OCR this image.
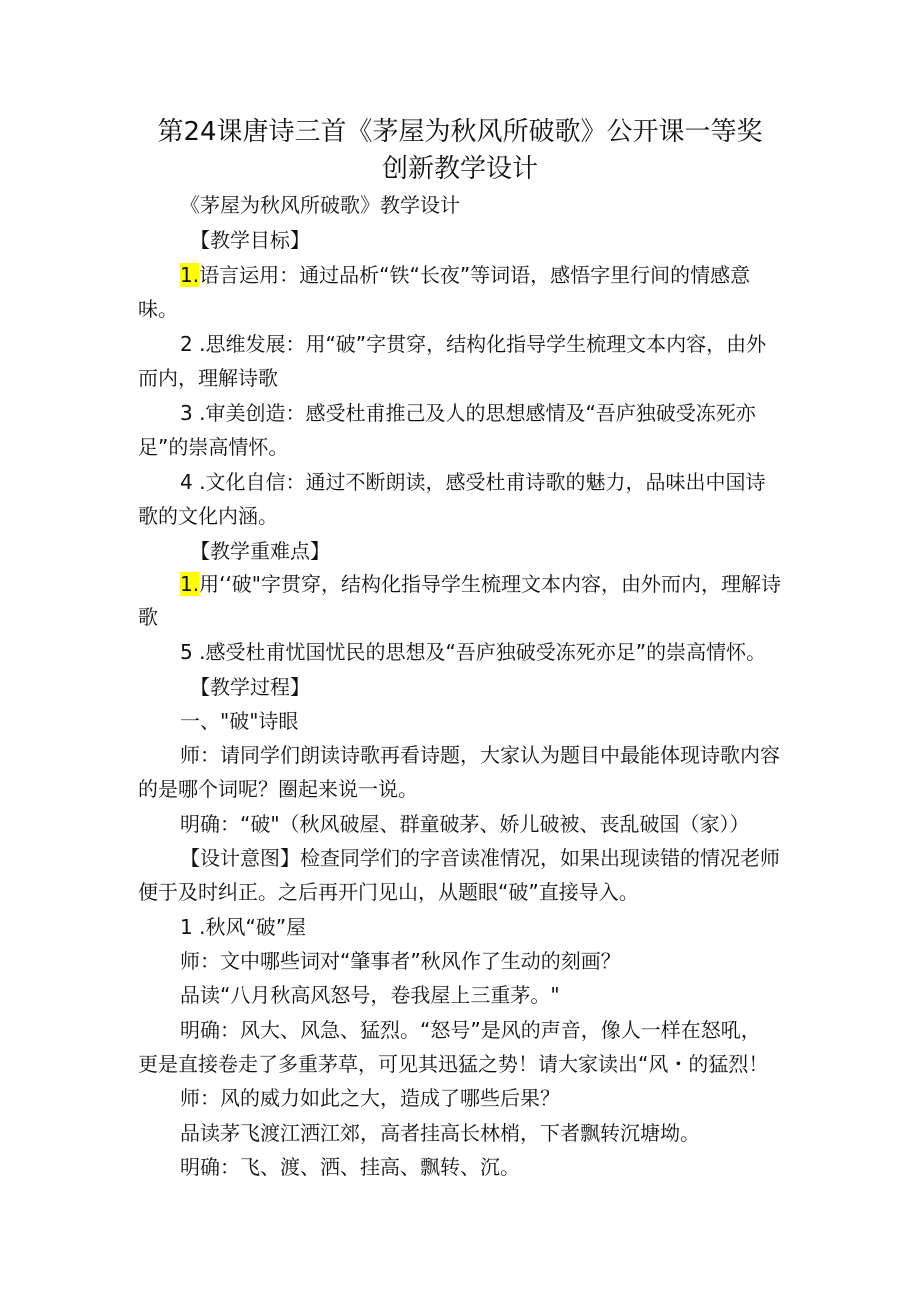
第24课唐诗三首《茅屋为秋风所破歌》公开课一等奖
创新教学设计
《茅屋为秋风所破歌》教学设计
【教学目标】
1.语言运用：通过品析“铁“长夜”等词语，感悟字里行间的情感意
味。
2 .思维发展：用“破”字贯穿，结构化指导学生梳理文本内容，由外
而内，理解诗歌
3 .审美创造：感受杜甫推己及人的思想感情及“吾庐独破受冻死亦
足”的崇高情怀。
4 .文化自信：通过不断朗读，感受杜甫诗歌的魅力，品味出中国诗
歌的文化内涵。
【教学重难点】
1.用‘‘破"字贯穿，结构化指导学生梳理文本内容，由外而内，理解诗
歌
5 .感受杜甫忧国忧民的思想及“吾庐独破受冻死亦足”的崇高情怀。
【教学过程】
一、"破"诗眼
师：请同学们朗读诗歌再看诗题，大家认为题目中最能体现诗歌内容
的是哪个词呢？圈起来说一说。
明确：“破"（秋风破屋、群童破茅、娇儿破被、丧乱破国（家））
【设计意图】检查同学们的字音读准情况，如果出现读错的情况老师
便于及时纠正。之后再开门见山，从题眼“破”直接导入。
1 .秋风“破”屋
师：文中哪些词对“肇事者”秋风作了生动的刻画？
品读“八月秋高风怒号，卷我屋上三重茅。"
明确：风大、风急、猛烈。“怒号”是风的声音，像人一样在怒吼，
更是直接卷走了多重茅草，可见其迅猛之势！请大家读出“风・的猛烈！
师：风的威力如此之大，造成了哪些后果？
品读茅飞渡江洒江郊，高者挂高长林梢，下者飘转沉塘坳。
明确：飞、渡、洒、挂高、飘转、沉。
